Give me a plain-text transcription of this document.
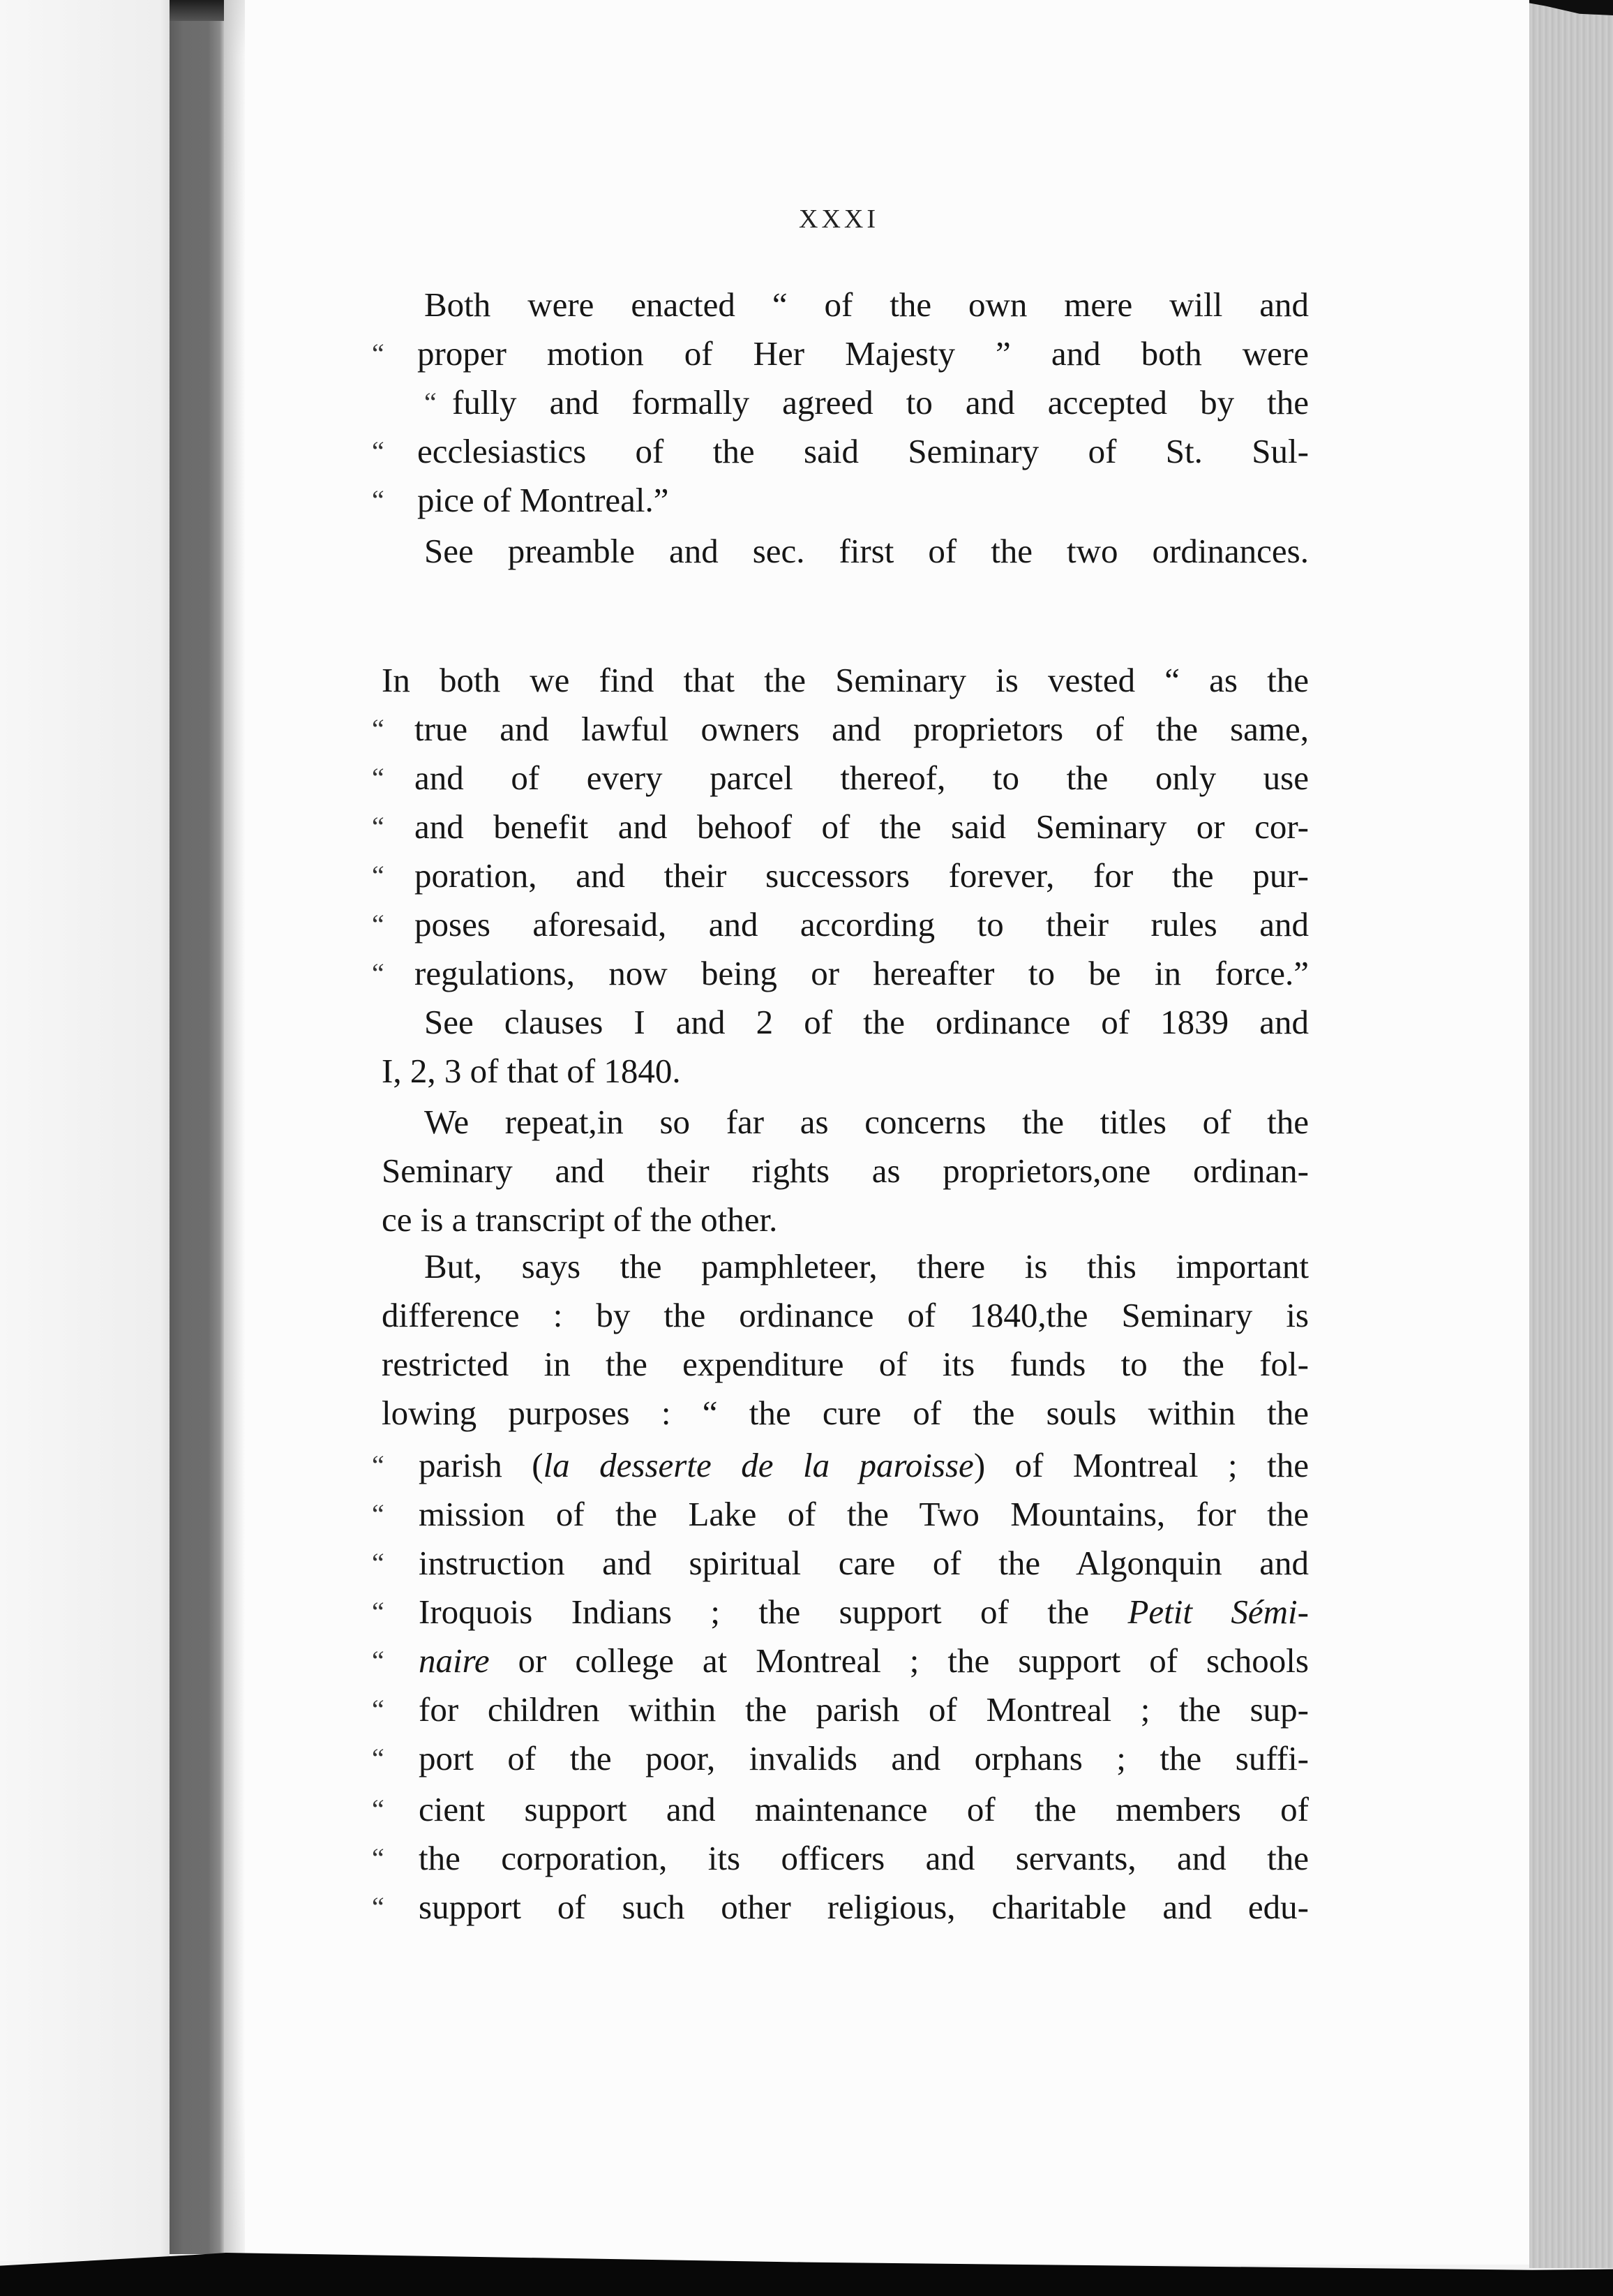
XXXI
Both were enacted “ of the own mere will and
“ proper motion of Her Majesty ” and both were
“ fully and formally agreed to and accepted by the
“ ecclesiastics of the said Seminary of St. Sul-
“ pice of Montreal.”
See preamble and sec. first of the two ordinances.
In both we find that the Seminary is vested “ as the
“ true and lawful owners and proprietors of the same,
“ and of every parcel thereof, to the only use
“ and benefit and behoof of the said Seminary or cor-
“ poration, and their successors forever, for the pur-
“ poses aforesaid, and according to their rules and
“ regulations, now being or hereafter to be in force.”
See clauses I and 2 of the ordinance of 1839 and
I, 2, 3 of that of 1840.
We repeat,in so far as concerns the titles of the
Seminary and their rights as proprietors,one ordinan-
ce is a transcript of the other.
But, says the pamphleteer, there is this important
difference : by the ordinance of 1840,the Seminary is
restricted in the expenditure of its funds to the fol-
lowing purposes : “ the cure of the souls within the
“ parish (la desserte de la paroisse) of Montreal ; the
“ mission of the Lake of the Two Mountains, for the
“ instruction and spiritual care of the Algonquin and
“ Iroquois Indians ; the support of the Petit Sémi-
“ naire or college at Montreal ; the support of schools
“ for children within the parish of Montreal ; the sup-
“ port of the poor, invalids and orphans ; the suffi-
“ cient support and maintenance of the members of
“ the corporation, its officers and servants, and the
“ support of such other religious, charitable and edu-
